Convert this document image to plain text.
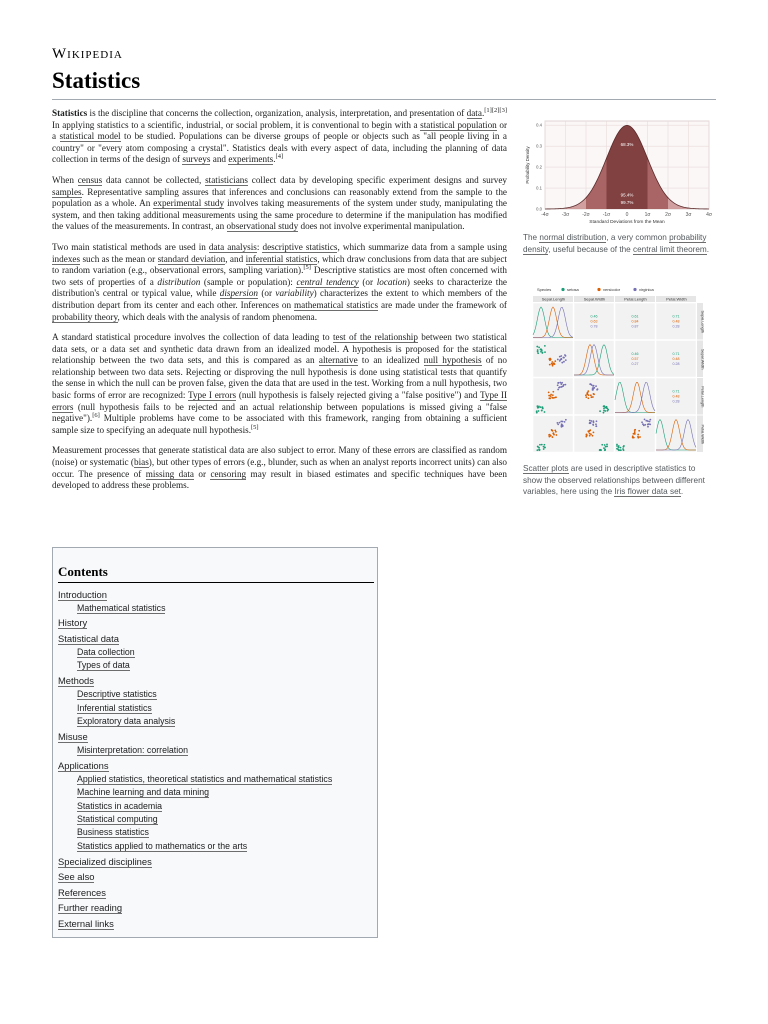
Wikipedia
Statistics

Statistics is the discipline that concerns the collection, organization, analysis, interpretation, and presentation of data.[1][2][3] In applying statistics to a scientific, industrial, or social problem, it is conventional to begin with a statistical population or a statistical model to be studied. Populations can be diverse groups of people or objects such as "all people living in a country" or "every atom composing a crystal". Statistics deals with every aspect of data, including the planning of data collection in terms of the design of surveys and experiments.[4]

When census data cannot be collected, statisticians collect data by developing specific experiment designs and survey samples. Representative sampling assures that inferences and conclusions can reasonably extend from the sample to the population as a whole. An experimental study involves taking measurements of the system under study, manipulating the system, and then taking additional measurements using the same procedure to determine if the manipulation has modified the values of the measurements. In contrast, an observational study does not involve experimental manipulation.

Two main statistical methods are used in data analysis: descriptive statistics, which summarize data from a sample using indexes such as the mean or standard deviation, and inferential statistics, which draw conclusions from data that are subject to random variation (e.g., observational errors, sampling variation).[5] Descriptive statistics are most often concerned with two sets of properties of a distribution (sample or population): central tendency (or location) seeks to characterize the distribution's central or typical value, while dispersion (or variability) characterizes the extent to which members of the distribution depart from its center and each other. Inferences on mathematical statistics are made under the framework of probability theory, which deals with the analysis of random phenomena.

A standard statistical procedure involves the collection of data leading to test of the relationship between two statistical data sets, or a data set and synthetic data drawn from an idealized model. A hypothesis is proposed for the statistical relationship between the two data sets, and this is compared as an alternative to an idealized null hypothesis of no relationship between two data sets. Rejecting or disproving the null hypothesis is done using statistical tests that quantify the sense in which the null can be proven false, given the data that are used in the test. Working from a null hypothesis, two basic forms of error are recognized: Type I errors (null hypothesis is falsely rejected giving a "false positive") and Type II errors (null hypothesis fails to be rejected and an actual relationship between populations is missed giving a "false negative").[6] Multiple problems have come to be associated with this framework, ranging from obtaining a sufficient sample size to specifying an adequate null hypothesis.[5]

Measurement processes that generate statistical data are also subject to error. Many of these errors are classified as random (noise) or systematic (bias), but other types of errors (e.g., blunder, such as when an analyst reports incorrect units) can also occur. The presence of missing data or censoring may result in biased estimates and specific techniques have been developed to address these problems.

68.3%
95.4%
99.7%
-4σ	-3σ	-2σ	-1σ	0	1σ	2σ	3σ	4σ
0.4
0.3
0.2
0.1
0.0
Standard Deviations from the Mean
Probability Density
The normal distribution, a very common probability density, useful because of the central limit theorem.
Species	setosa	versicolor	virginica
Sepal.Length	Sepal.Width	Petal.Length	Petal.Width
Sepal.Length
Sepal.Width
Petal.Length
Petal.Width
0.46
0.63
0.78
0.61
0.84
0.87
0.71
0.48
0.28
0.46
0.57
0.27
0.71
0.48
0.28
0.71
0.48
0.28
Scatter plots are used in descriptive statistics to show the observed relationships between different variables, here using the Iris flower data set.
Contents
Introduction
Mathematical statistics
History
Statistical data
Data collection
Types of data
Methods
Descriptive statistics
Inferential statistics
Exploratory data analysis
Misuse
Misinterpretation: correlation
Applications
Applied statistics, theoretical statistics and mathematical statistics
Machine learning and data mining
Statistics in academia
Statistical computing
Business statistics
Statistics applied to mathematics or the arts
Specialized disciplines
See also
References
Further reading
External links
